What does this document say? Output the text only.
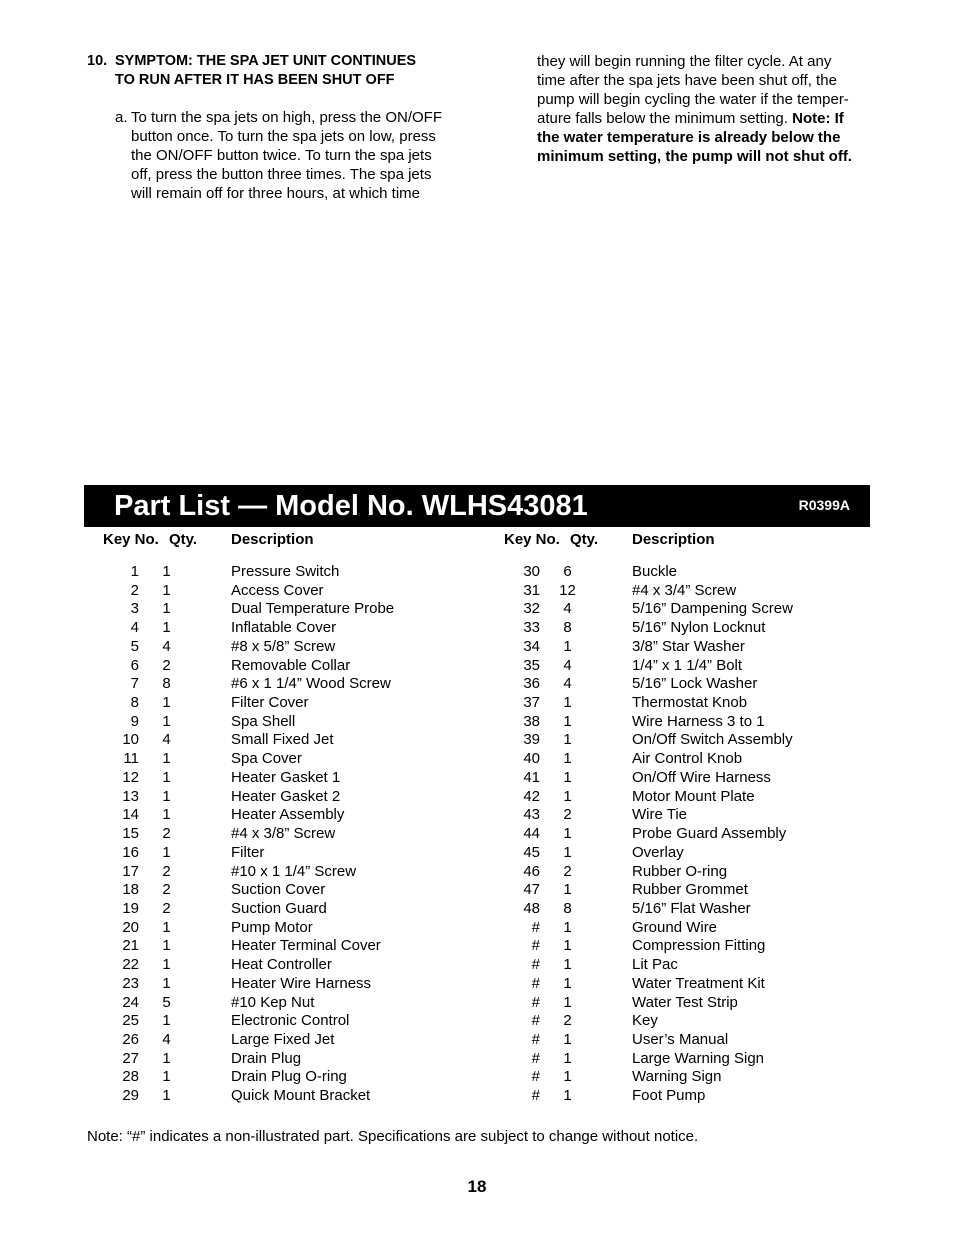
10. SYMPTOM: THE SPA JET UNIT CONTINUES
TO RUN AFTER IT HAS BEEN SHUT OFF
a. To turn the spa jets on high, press the ON/OFF
button once. To turn the spa jets on low, press
the ON/OFF button twice. To turn the spa jets
off, press the button three times. The spa jets
will remain off for three hours, at which time
they will begin running the filter cycle. At any
time after the spa jets have been shut off, the
pump will begin cycling the water if the temper-
ature falls below the minimum setting. Note: If
the water temperature is already below the
minimum setting, the pump will not shut off.
Part List — Model No. WLHS43081	R0399A
Key No. Qty. Description
1	1	Pressure Switch
2	1	Access Cover
3	1	Dual Temperature Probe
4	1	Inflatable Cover
5	4	#8 x 5/8” Screw
6	2	Removable Collar
7	8	#6 x 1 1/4” Wood Screw
8	1	Filter Cover
9	1	Spa Shell
10	4	Small Fixed Jet
11	1	Spa Cover
12	1	Heater Gasket 1
13	1	Heater Gasket 2
14	1	Heater Assembly
15	2	#4 x 3/8” Screw
16	1	Filter
17	2	#10 x 1 1/4” Screw
18	2	Suction Cover
19	2	Suction Guard
20	1	Pump Motor
21	1	Heater Terminal Cover
22	1	Heat Controller
23	1	Heater Wire Harness
24	5	#10 Kep Nut
25	1	Electronic Control
26	4	Large Fixed Jet
27	1	Drain Plug
28	1	Drain Plug O-ring
29	1	Quick Mount Bracket
Key No. Qty. Description
30	6	Buckle
31	12	#4 x 3/4” Screw
32	4	5/16” Dampening Screw
33	8	5/16” Nylon Locknut
34	1	3/8” Star Washer
35	4	1/4” x 1 1/4” Bolt
36	4	5/16” Lock Washer
37	1	Thermostat Knob
38	1	Wire Harness 3 to 1
39	1	On/Off Switch Assembly
40	1	Air Control Knob
41	1	On/Off Wire Harness
42	1	Motor Mount Plate
43	2	Wire Tie
44	1	Probe Guard Assembly
45	1	Overlay
46	2	Rubber O-ring
47	1	Rubber Grommet
48	8	5/16” Flat Washer
#	1	Ground Wire
#	1	Compression Fitting
#	1	Lit Pac
#	1	Water Treatment Kit
#	1	Water Test Strip
#	2	Key
#	1	User’s Manual
#	1	Large Warning Sign
#	1	Warning Sign
#	1	Foot Pump
Note: “#” indicates a non-illustrated part. Specifications are subject to change without notice.
18
